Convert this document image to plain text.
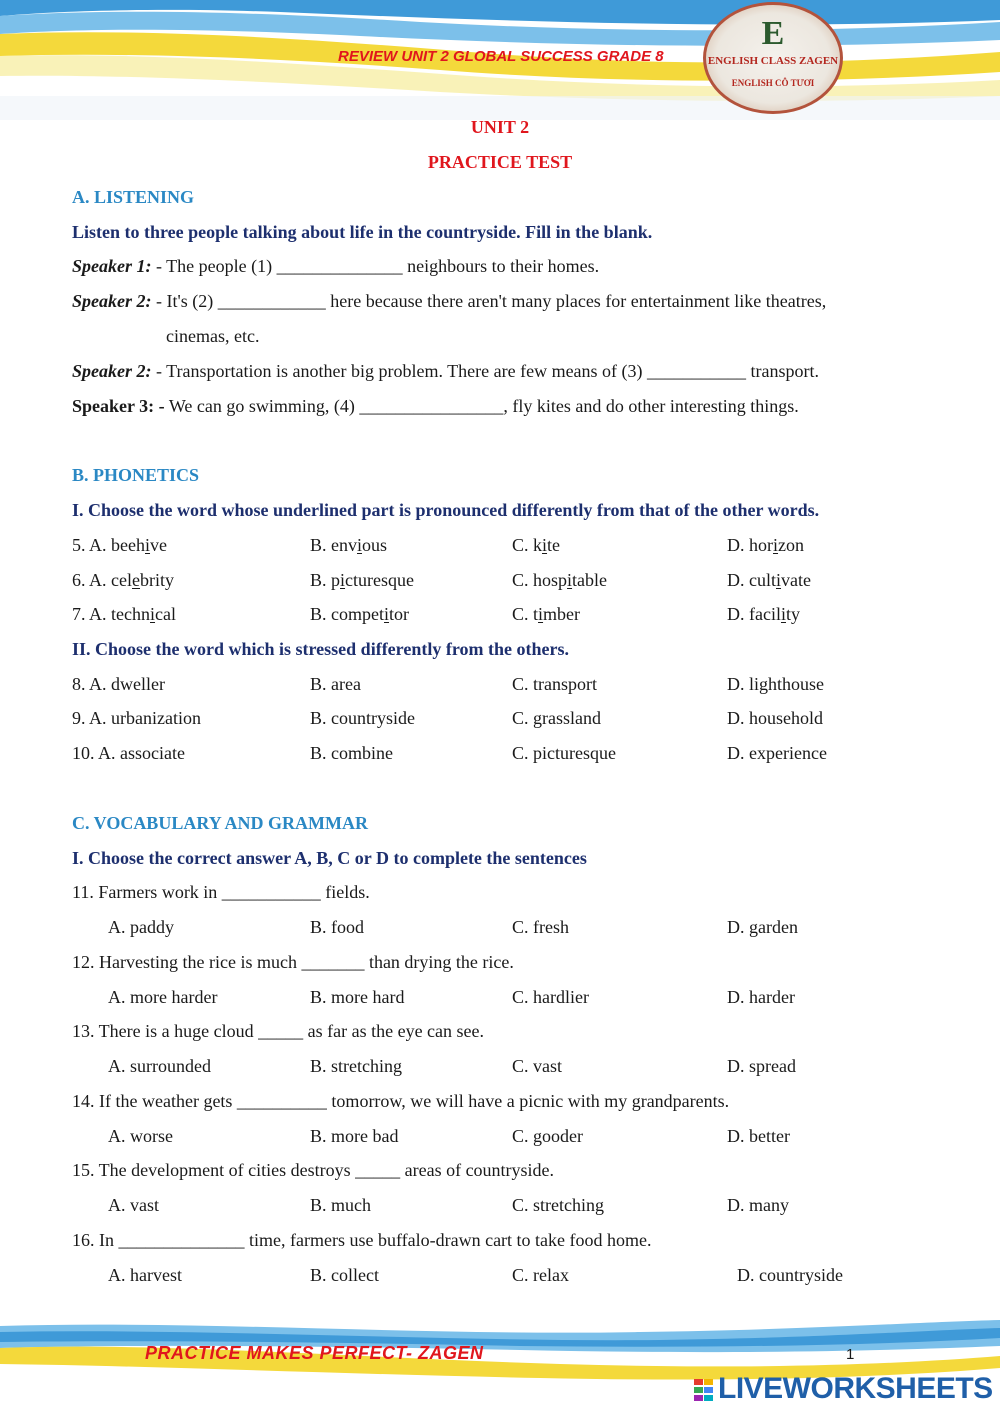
REVIEW UNIT 2 GLOBAL SUCCESS GRADE 8
E
ENGLISH CLASS ZAGEN
ENGLISH CÔ TƯƠI
UNIT 2
PRACTICE TEST
A. LISTENING
Listen to three people talking about life in the countryside. Fill in the blank.
Speaker 1: - The people (1) ______________ neighbours to their homes.
Speaker 2: - It's (2) ____________ here because there aren't many places for entertainment like theatres,
cinemas, etc.
Speaker 2: - Transportation is another big problem. There are few means of (3) ___________ transport.
Speaker 3: - We can go swimming, (4) ________________, fly kites and do other interesting things.
B. PHONETICS
I. Choose the word whose underlined part is pronounced differently from that of the other words.
5. A. beehive	B. envious	C. kite	D. horizon
6. A. celebrity	B. picturesque	C. hospitable	D. cultivate
7. A. technical	B. competitor	C. timber	D. facility
II. Choose the word which is stressed differently from the others.
8. A. dweller	B. area	C. transport	D. lighthouse
9. A. urbanization	B. countryside	C. grassland	D. household
10. A. associate	B. combine	C. picturesque	D. experience
C. VOCABULARY AND GRAMMAR
I. Choose the correct answer A, B, C or D to complete the sentences
11. Farmers work in ___________ fields.
A. paddy	B. food	C. fresh	D. garden
12. Harvesting the rice is much _______ than drying the rice.
A. more harder	B. more hard	C. hardlier	D. harder
13. There is a huge cloud _____ as far as the eye can see.
A. surrounded	B. stretching	C. vast	D. spread
14. If the weather gets __________ tomorrow, we will have a picnic with my grandparents.
A. worse	B. more bad	C. gooder	D. better
15. The development of cities destroys _____ areas of countryside.
A. vast	B. much	C. stretching	D. many
16. In ______________ time, farmers use buffalo-drawn cart to take food home.
A. harvest	B. collect	C. relax	D. countryside
PRACTICE MAKES PERFECT- ZAGEN	1
LIVEWORKSHEETS
